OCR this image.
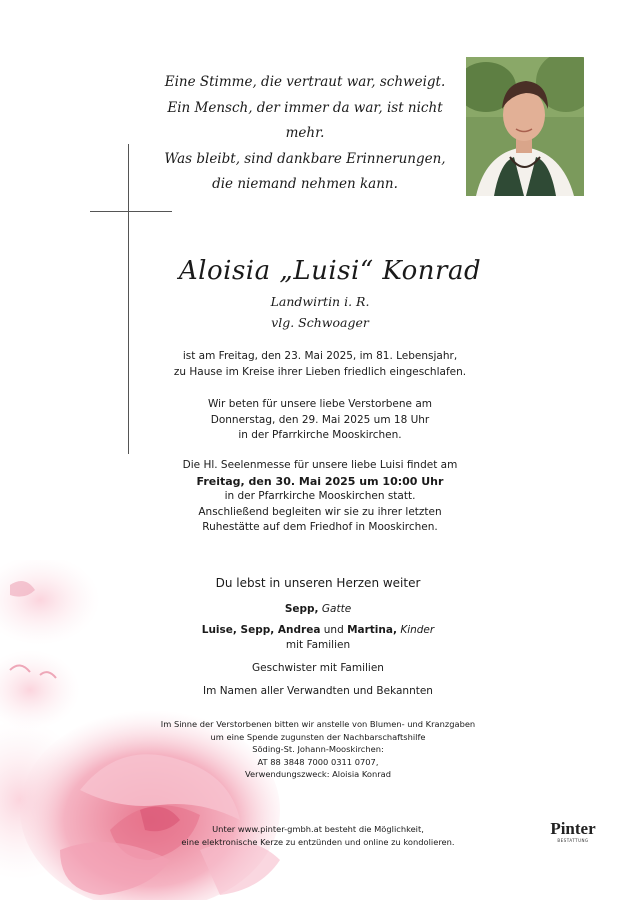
Eine Stimme, die vertraut war, schweigt.
Ein Mensch, der immer da war, ist nicht mehr.
Was bleibt, sind dankbare Erinnerungen,
die niemand nehmen kann.
Aloisia „Luisi“ Konrad
Landwirtin i. R.
vlg. Schwoager
ist am Freitag, den 23. Mai 2025, im 81. Lebensjahr,
zu Hause im Kreise ihrer Lieben friedlich eingeschlafen.
Wir beten für unsere liebe Verstorbene am
Donnerstag, den 29. Mai 2025 um 18 Uhr
in der Pfarrkirche Mooskirchen.
Die Hl. Seelenmesse für unsere liebe Luisi findet am
Freitag, den 30. Mai 2025 um 10:00 Uhr
in der Pfarrkirche Mooskirchen statt.
Anschließend begleiten wir sie zu ihrer letzten
Ruhestätte auf dem Friedhof in Mooskirchen.
Du lebst in unseren Herzen weiter
Sepp, Gatte
Luise, Sepp, Andrea und Martina, Kinder
mit Familien
Geschwister mit Familien
Im Namen aller Verwandten und Bekannten
Im Sinne der Verstorbenen bitten wir anstelle von Blumen- und Kranzgaben
um eine Spende zugunsten der Nachbarschaftshilfe
Söding-St. Johann-Mooskirchen:
AT 88 3848 7000 0311 0707,
Verwendungszweck: Aloisia Konrad
Unter www.pinter-gmbh.at besteht die Möglichkeit,
eine elektronische Kerze zu entzünden und online zu kondolieren.
Pinter
BESTATTUNG
